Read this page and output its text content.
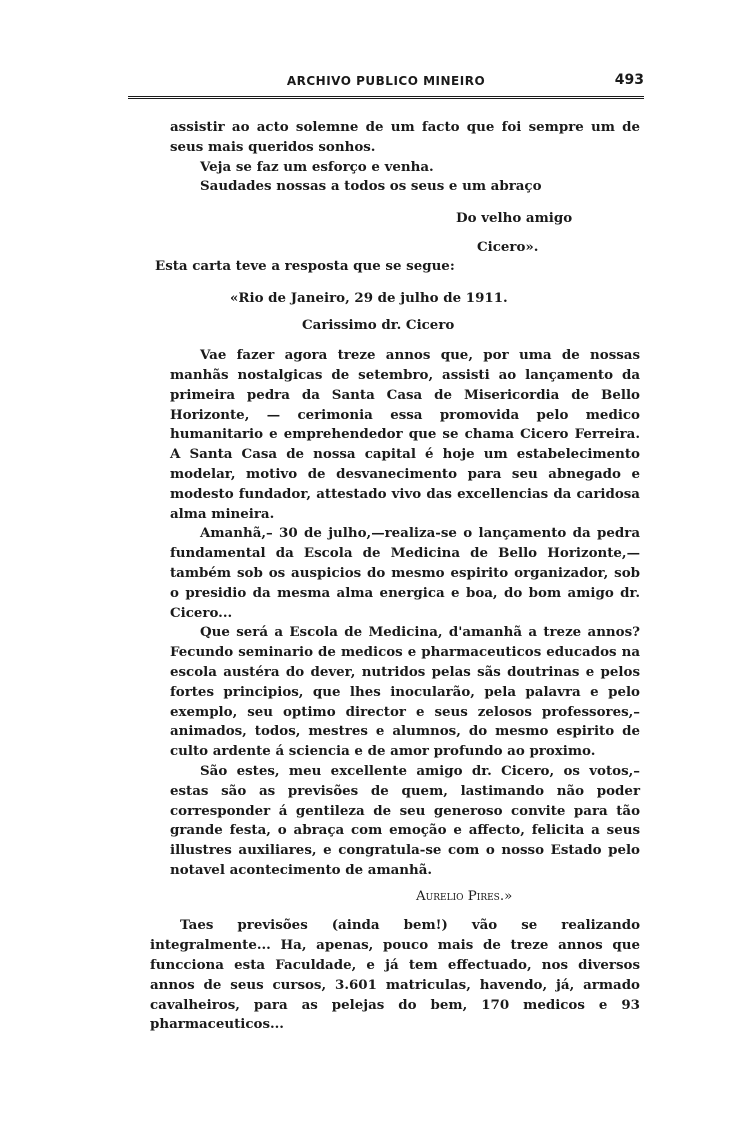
ARCHIVO PUBLICO MINEIRO	493

assistir ao acto solemne de um facto que foi sempre um de seus mais queridos sonhos.

Veja se faz um esforço e venha.

Saudades nossas a todos os seus e um abraço

Do velho amigo
Cicero».
Esta carta teve a resposta que se segue:
«Rio de Janeiro, 29 de julho de 1911.
Carissimo dr. Cicero

Vae fazer agora treze annos que, por uma de nossas manhãs nostalgicas de setembro, assisti ao lançamento da primeira pedra da Santa Casa de Misericordia de Bello Horizonte, — cerimonia essa promovida pelo medico humanitario e emprehendedor que se chama Cicero Ferreira. A Santa Casa de nossa capital é hoje um estabelecimento modelar, motivo de desvanecimento para seu abnegado e modesto fundador, attestado vivo das excellencias da caridosa alma mineira.

Amanhã,– 30 de julho,—realiza-se o lançamento da pedra fundamental da Escola de Medicina de Bello Horizonte,— também sob os auspicios do mesmo espirito organizador, sob o presidio da mesma alma energica e boa, do bom amigo dr. Cicero...

Que será a Escola de Medicina, d'amanhã a treze annos? Fecundo seminario de medicos e pharmaceuticos educados na escola austéra do dever, nutridos pelas sãs doutrinas e pelos fortes principios, que lhes inocularão, pela palavra e pelo exemplo, seu optimo director e seus zelosos professores,– animados, todos, mestres e alumnos, do mesmo espirito de culto ardente á sciencia e de amor profundo ao proximo.

São estes, meu excellente amigo dr. Cicero, os votos,– estas são as previsões de quem, lastimando não poder corresponder á gentileza de seu generoso convite para tão grande festa, o abraça com emoção e affecto, felicita a seus illustres auxiliares, e congratula-se com o nosso Estado pelo notavel acontecimento de amanhã.

Aurelio Pires.»

Taes previsões (ainda bem!) vão se realizando integralmente... Ha, apenas, pouco mais de treze annos que funcciona esta Faculdade, e já tem effectuado, nos diversos annos de seus cursos, 3.601 matriculas, havendo, já, armado cavalheiros, para as pelejas do bem, 170 medicos e 93 pharmaceuticos...
